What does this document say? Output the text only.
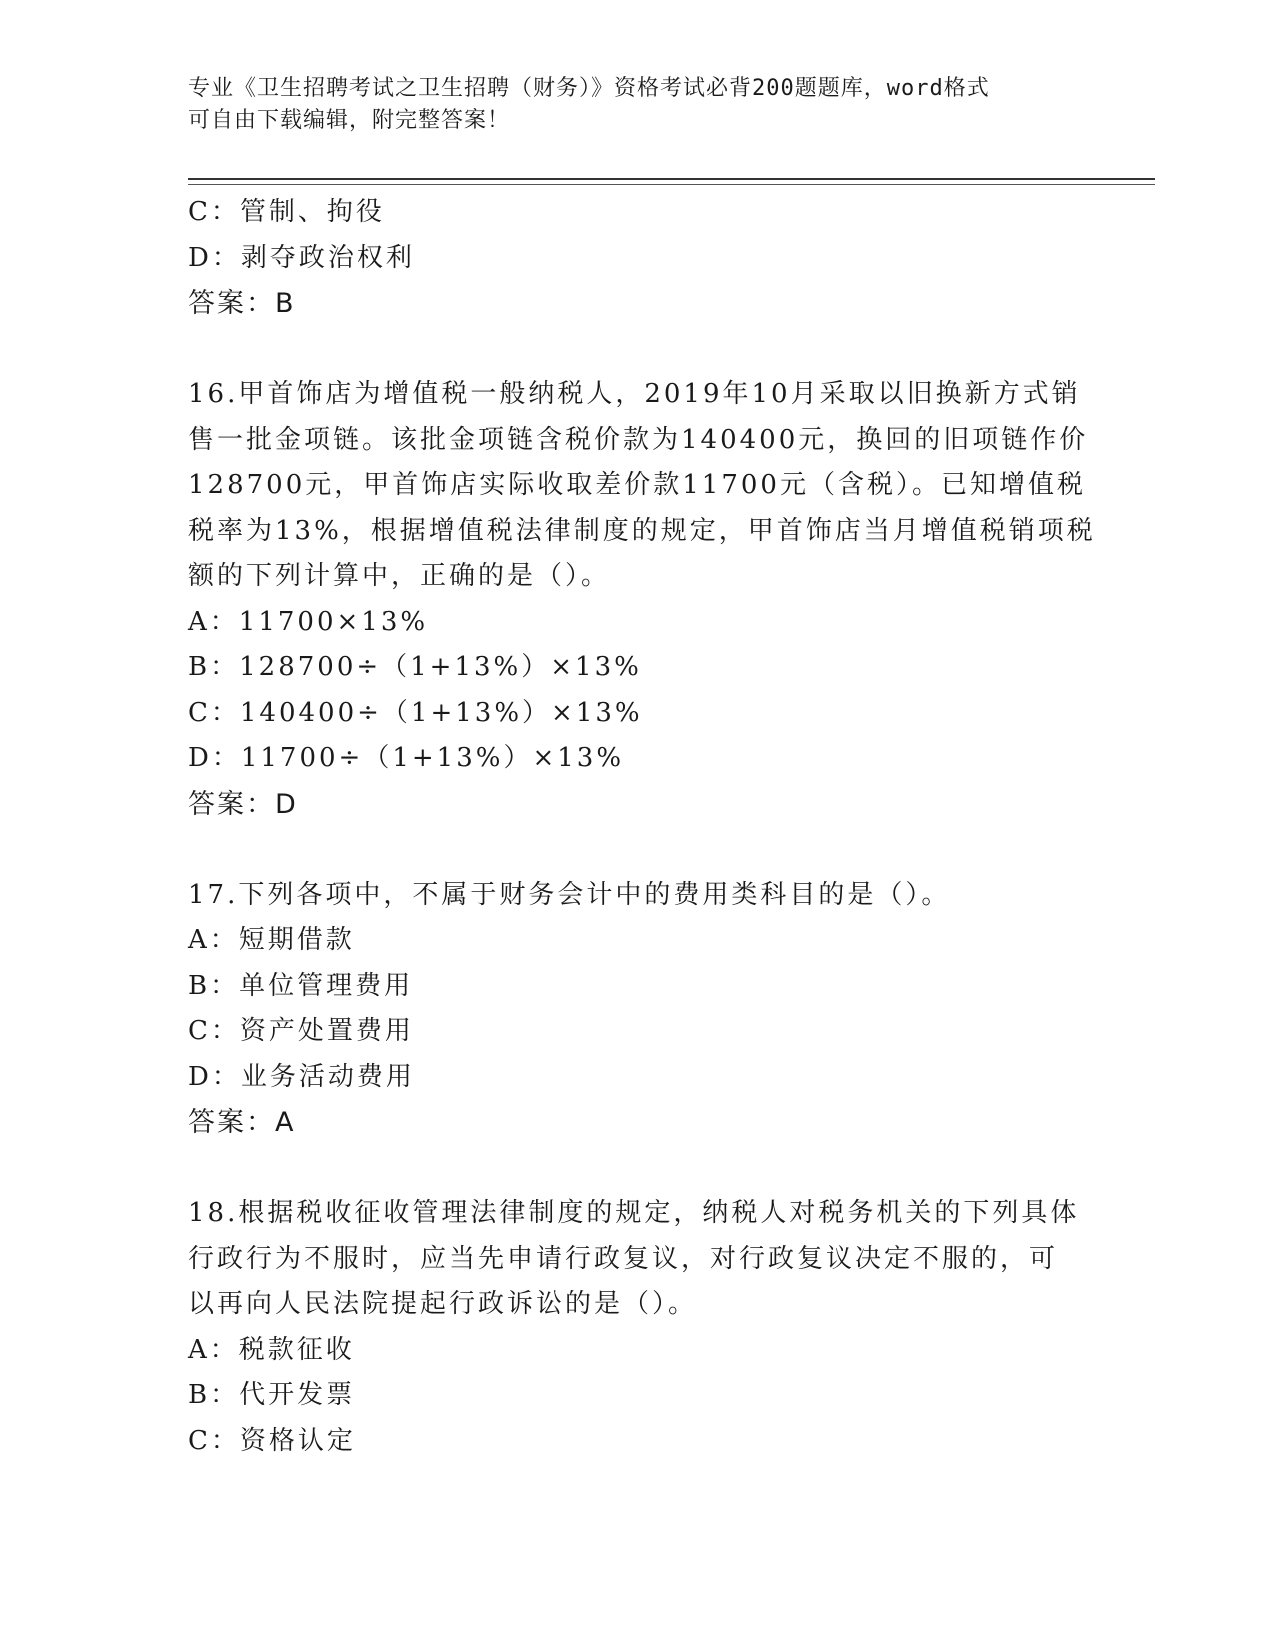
专业《卫生招聘考试之卫生招聘（财务）》资格考试必背200题题库，word格式
可自由下载编辑，附完整答案！
C：管制、拘役
D：剥夺政治权利
答案：B
16.甲首饰店为增值税一般纳税人，2019年10月采取以旧换新方式销
售一批金项链。该批金项链含税价款为140400元，换回的旧项链作价
128700元，甲首饰店实际收取差价款11700元（含税）。已知增值税
税率为13%，根据增值税法律制度的规定，甲首饰店当月增值税销项税
额的下列计算中，正确的是（）。
A：11700×13%
B：128700÷（1+13%）×13%
C：140400÷（1+13%）×13%
D：11700÷（1+13%）×13%
答案：D
17.下列各项中，不属于财务会计中的费用类科目的是（）。
A：短期借款
B：单位管理费用
C：资产处置费用
D：业务活动费用
答案：A
18.根据税收征收管理法律制度的规定，纳税人对税务机关的下列具体
行政行为不服时，应当先申请行政复议，对行政复议决定不服的，可
以再向人民法院提起行政诉讼的是（）。
A：税款征收
B：代开发票
C：资格认定
